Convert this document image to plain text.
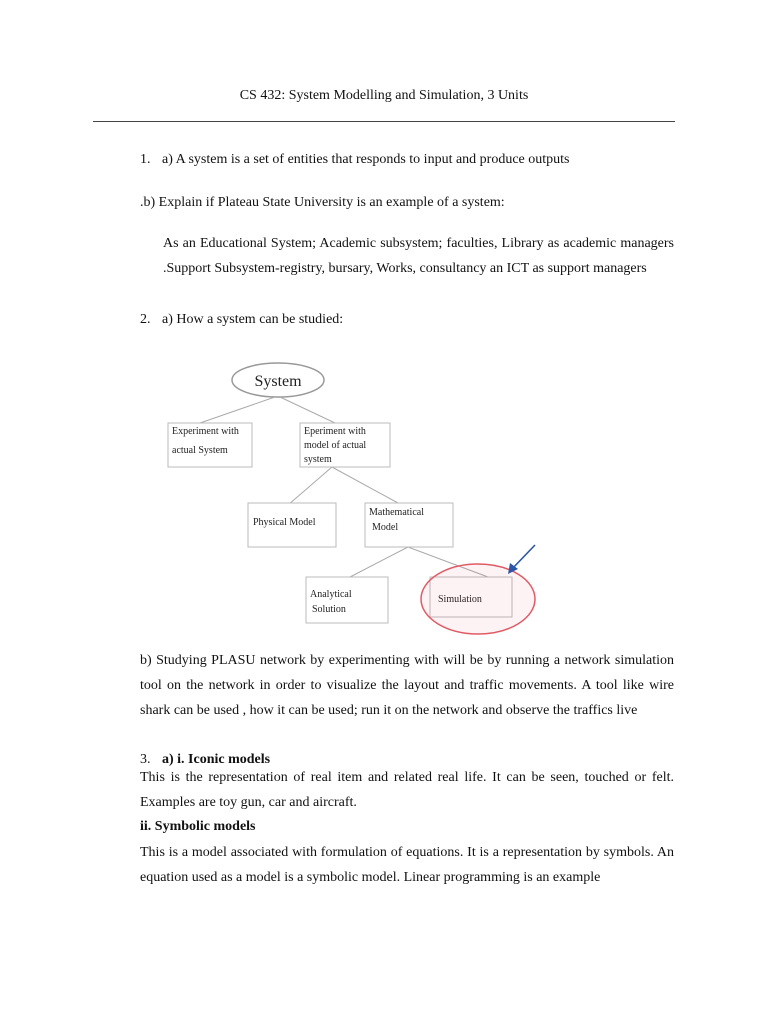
CS 432: System Modelling and Simulation, 3 Units
1. a) A system is a set of entities that responds to input and produce outputs
.b) Explain if Plateau State University is an example of a system:
As an Educational System; Academic subsystem; faculties, Library as academic managers .Support Subsystem-registry, bursary, Works, consultancy an ICT as support managers
2. a) How a system can be studied:
System
Experiment with
actual System
Eperiment with
model of actual
system
Physical Model
Mathematical
Model
Analytical
Solution
b) Studying PLASU network by experimenting with will be by running a network simulation tool on the network in order to visualize the layout and traffic movements. A tool like wire shark can be used , how it can be used; run it on the network and observe the traffics live
3. a) i. Iconic models
This is the representation of real item and related real life. It can be seen, touched or felt. Examples are toy gun, car and aircraft.
ii. Symbolic models
This is a model associated with formulation of equations. It is a representation by symbols. An equation used as a model is a symbolic model. Linear programming is an example
